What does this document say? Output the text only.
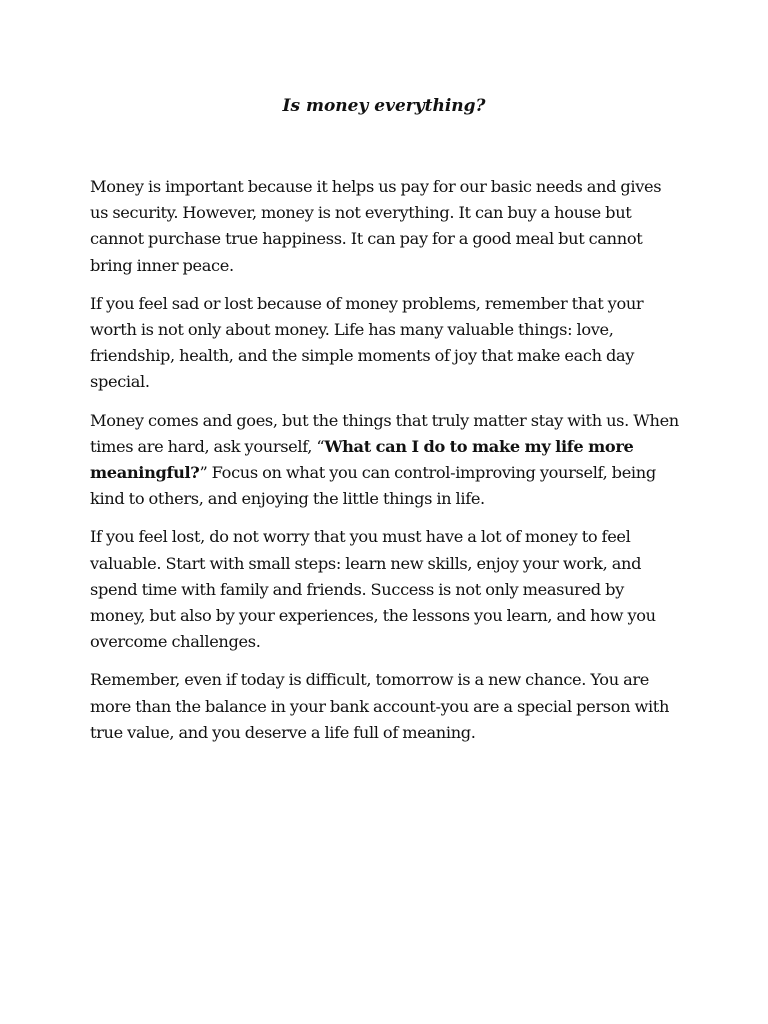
Is money everything?

Money is important because it helps us pay for our basic needs and gives us security. However, money is not everything. It can buy a house but cannot purchase true happiness. It can pay for a good meal but cannot bring inner peace.

If you feel sad or lost because of money problems, remember that your worth is not only about money. Life has many valuable things: love, friendship, health, and the simple moments of joy that make each day special.

Money comes and goes, but the things that truly matter stay with us. When times are hard, ask yourself, “What can I do to make my life more meaningful?” Focus on what you can control-improving yourself, being kind to others, and enjoying the little things in life.

If you feel lost, do not worry that you must have a lot of money to feel valuable. Start with small steps: learn new skills, enjoy your work, and spend time with family and friends. Success is not only measured by money, but also by your experiences, the lessons you learn, and how you overcome challenges.

Remember, even if today is difficult, tomorrow is a new chance. You are more than the balance in your bank account-you are a special person with true value, and you deserve a life full of meaning.
